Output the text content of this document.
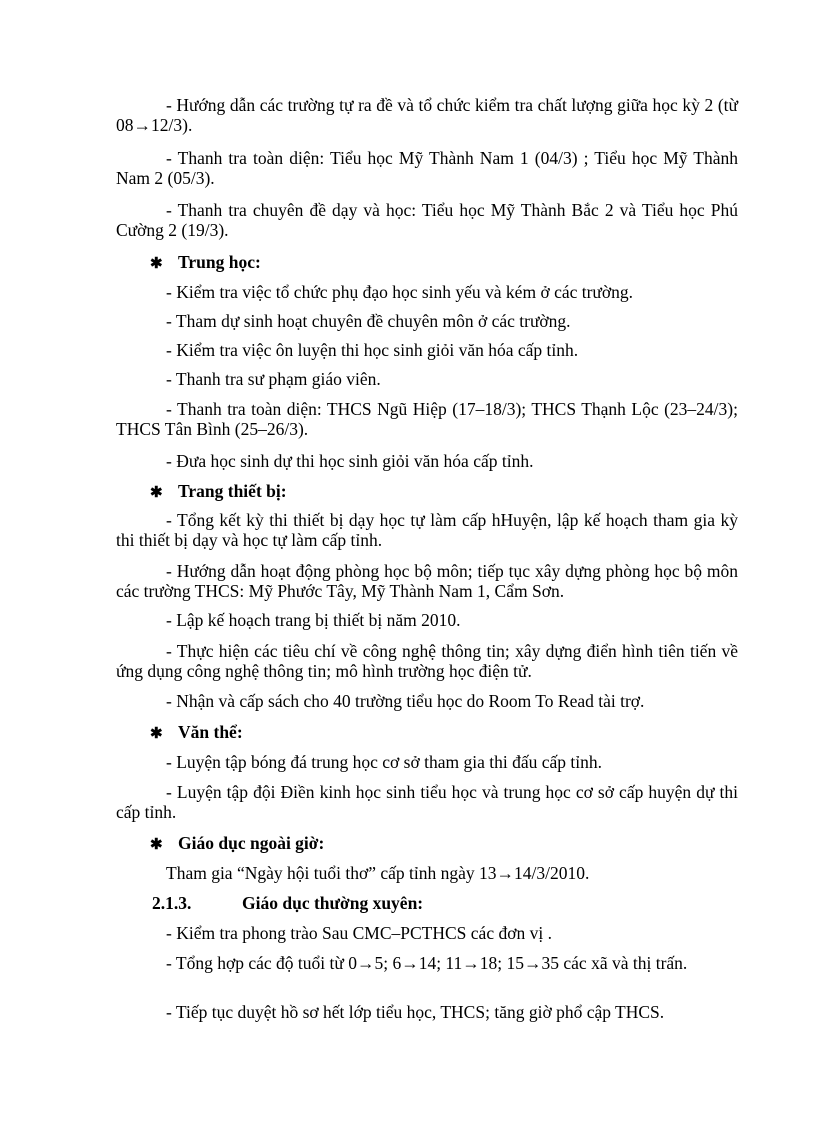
- Hướng dẫn các trường tự ra đề và tổ chức kiểm tra chất lượng giữa học kỳ 2 (từ 08→12/3).

- Thanh tra toàn diện: Tiểu học Mỹ Thành Nam 1 (04/3) ; Tiểu học Mỹ Thành Nam 2 (05/3).

- Thanh tra chuyên đề dạy và học: Tiểu học Mỹ Thành Bắc 2 và Tiểu học Phú Cường 2 (19/3).

✱ Trung học:

- Kiểm tra việc tổ chức phụ đạo học sinh yếu và kém ở các trường.

- Tham dự sinh hoạt chuyên đề chuyên môn ở các trường.

- Kiểm tra việc ôn luyện thi học sinh giỏi văn hóa cấp tỉnh.

- Thanh tra sư phạm giáo viên.

- Thanh tra toàn diện: THCS Ngũ Hiệp (17–18/3); THCS Thạnh Lộc (23–24/3); THCS Tân Bình (25–26/3).

- Đưa học sinh dự thi học sinh giỏi văn hóa cấp tỉnh.

✱ Trang thiết bị:

- Tổng kết kỳ thi thiết bị dạy học tự làm cấp hHuyện, lập kế hoạch tham gia kỳ thi thiết bị dạy và học tự làm cấp tỉnh.

- Hướng dẫn hoạt động phòng học bộ môn; tiếp tục xây dựng phòng học bộ môn các trường THCS: Mỹ Phước Tây, Mỹ Thành Nam 1, Cẩm Sơn.

- Lập kế hoạch trang bị thiết bị năm 2010.

- Thực hiện các tiêu chí về công nghệ thông tin; xây dựng điển hình tiên tiến về ứng dụng công nghệ thông tin; mô hình trường học điện tử.

- Nhận và cấp sách cho 40 trường tiểu học do Room To Read tài trợ.

✱ Văn thể:

- Luyện tập bóng đá trung học cơ sở tham gia thi đấu cấp tỉnh.

- Luyện tập đội Điền kinh học sinh tiểu học và trung học cơ sở cấp huyện dự thi cấp tỉnh.

✱ Giáo dục ngoài giờ:

Tham gia “Ngày hội tuổi thơ” cấp tỉnh ngày 13→14/3/2010.

2.1.3.	Giáo dục thường xuyên:

- Kiểm tra phong trào Sau CMC–PCTHCS các đơn vị .

- Tổng hợp các độ tuổi từ 0→5; 6→14; 11→18; 15→35 các xã và thị trấn.

- Tiếp tục duyệt hồ sơ hết lớp tiểu học, THCS; tăng giờ phổ cập THCS.
